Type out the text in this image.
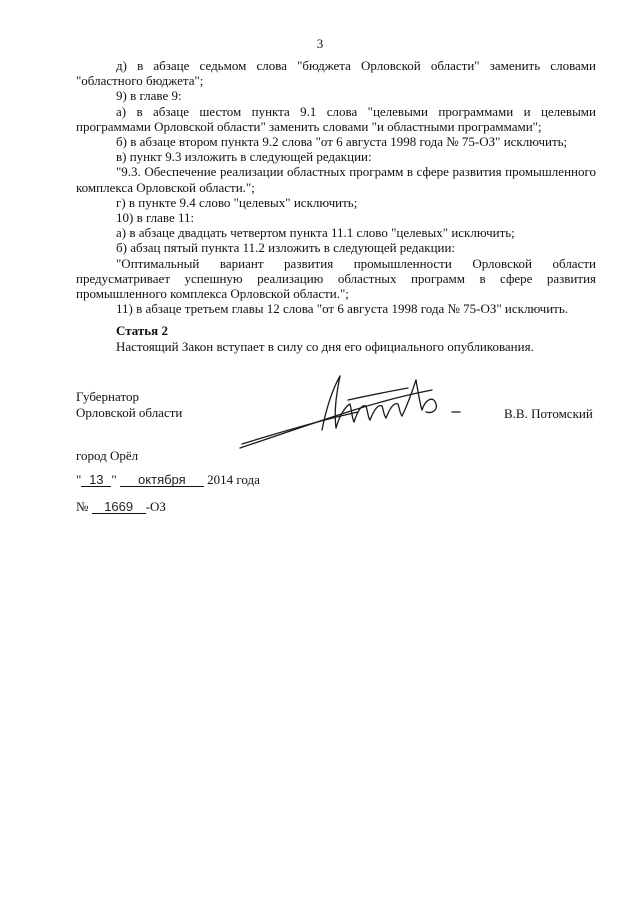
3

д) в абзаце седьмом слова "бюджета Орловской области" заменить словами "областного бюджета";

9) в главе 9:

а) в абзаце шестом пункта 9.1 слова "целевыми программами и целевыми программами Орловской области" заменить словами "и областными программами";

б) в абзаце втором пункта 9.2 слова "от 6 августа 1998 года № 75-ОЗ" исключить;

в) пункт 9.3 изложить в следующей редакции:

"9.3. Обеспечение реализации областных программ в сфере развития промышленного комплекса Орловской области.";

г) в пункте 9.4 слово "целевых" исключить;

10) в главе 11:

а) в абзаце двадцать четвертом пункта 11.1 слово "целевых" исключить;

б) абзац пятый пункта 11.2 изложить в следующей редакции:

"Оптимальный вариант развития промышленности Орловской области предусматривает успешную реализацию областных программ в сфере развития промышленного комплекса Орловской области.";

11) в абзаце третьем главы 12 слова "от 6 августа 1998 года № 75-ОЗ" исключить.

Статья 2
Настоящий Закон вступает в силу со дня его официального опубликования.
Губернатор
Орловской области	В.В. Потомский
город Орёл
" 13 " октября 2014 года
№ 1669 -ОЗ
